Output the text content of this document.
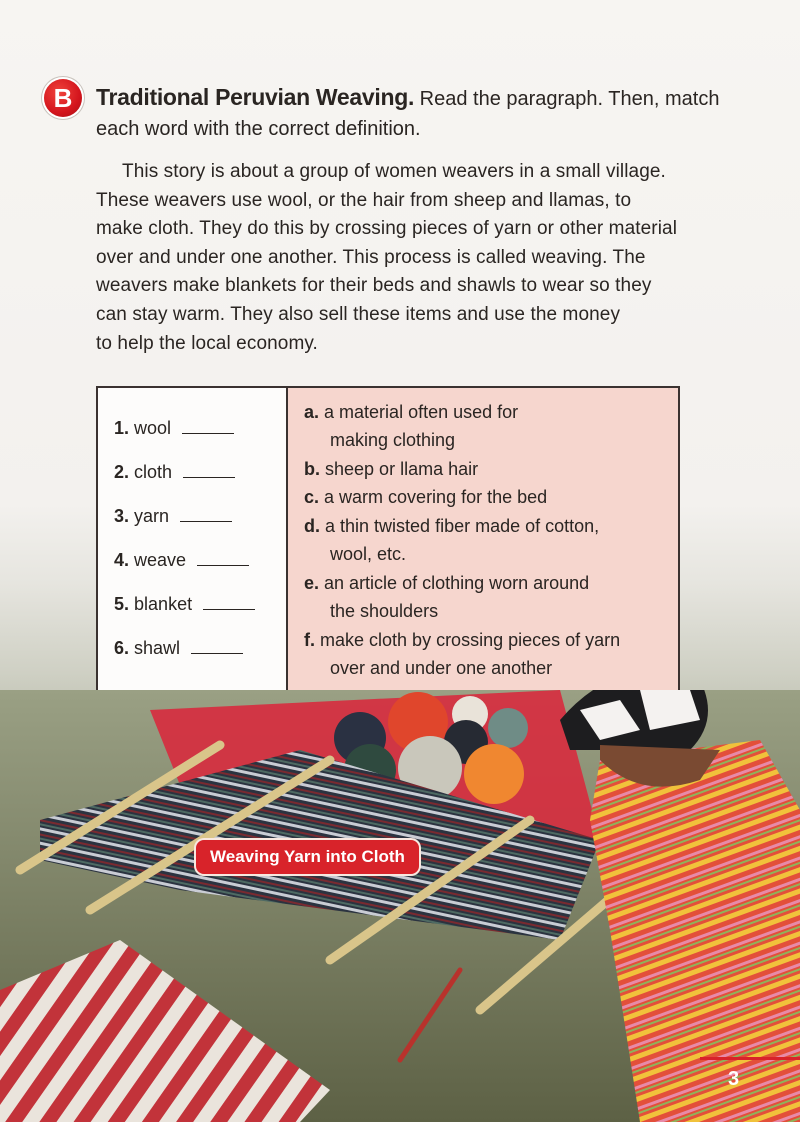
B	Traditional Peruvian Weaving. Read the paragraph. Then, match each word with the correct definition.
This story is about a group of women weavers in a small village.
These weavers use wool, or the hair from sheep and llamas, to
make cloth. They do this by crossing pieces of yarn or other material
over and under one another. This process is called weaving. The
weavers make blankets for their beds and shawls to wear so they
can stay warm. They also sell these items and use the money
to help the local economy.
1. wool
2. cloth
3. yarn
4. weave
5. blanket
6. shawl
a. a material often used for
making clothing
b. sheep or llama hair
c. a warm covering for the bed
d. a thin twisted fiber made of cotton,
wool, etc.
e. an article of clothing worn around
the shoulders
f. make cloth by crossing pieces of yarn
over and under one another
Weaving Yarn into Cloth
3
